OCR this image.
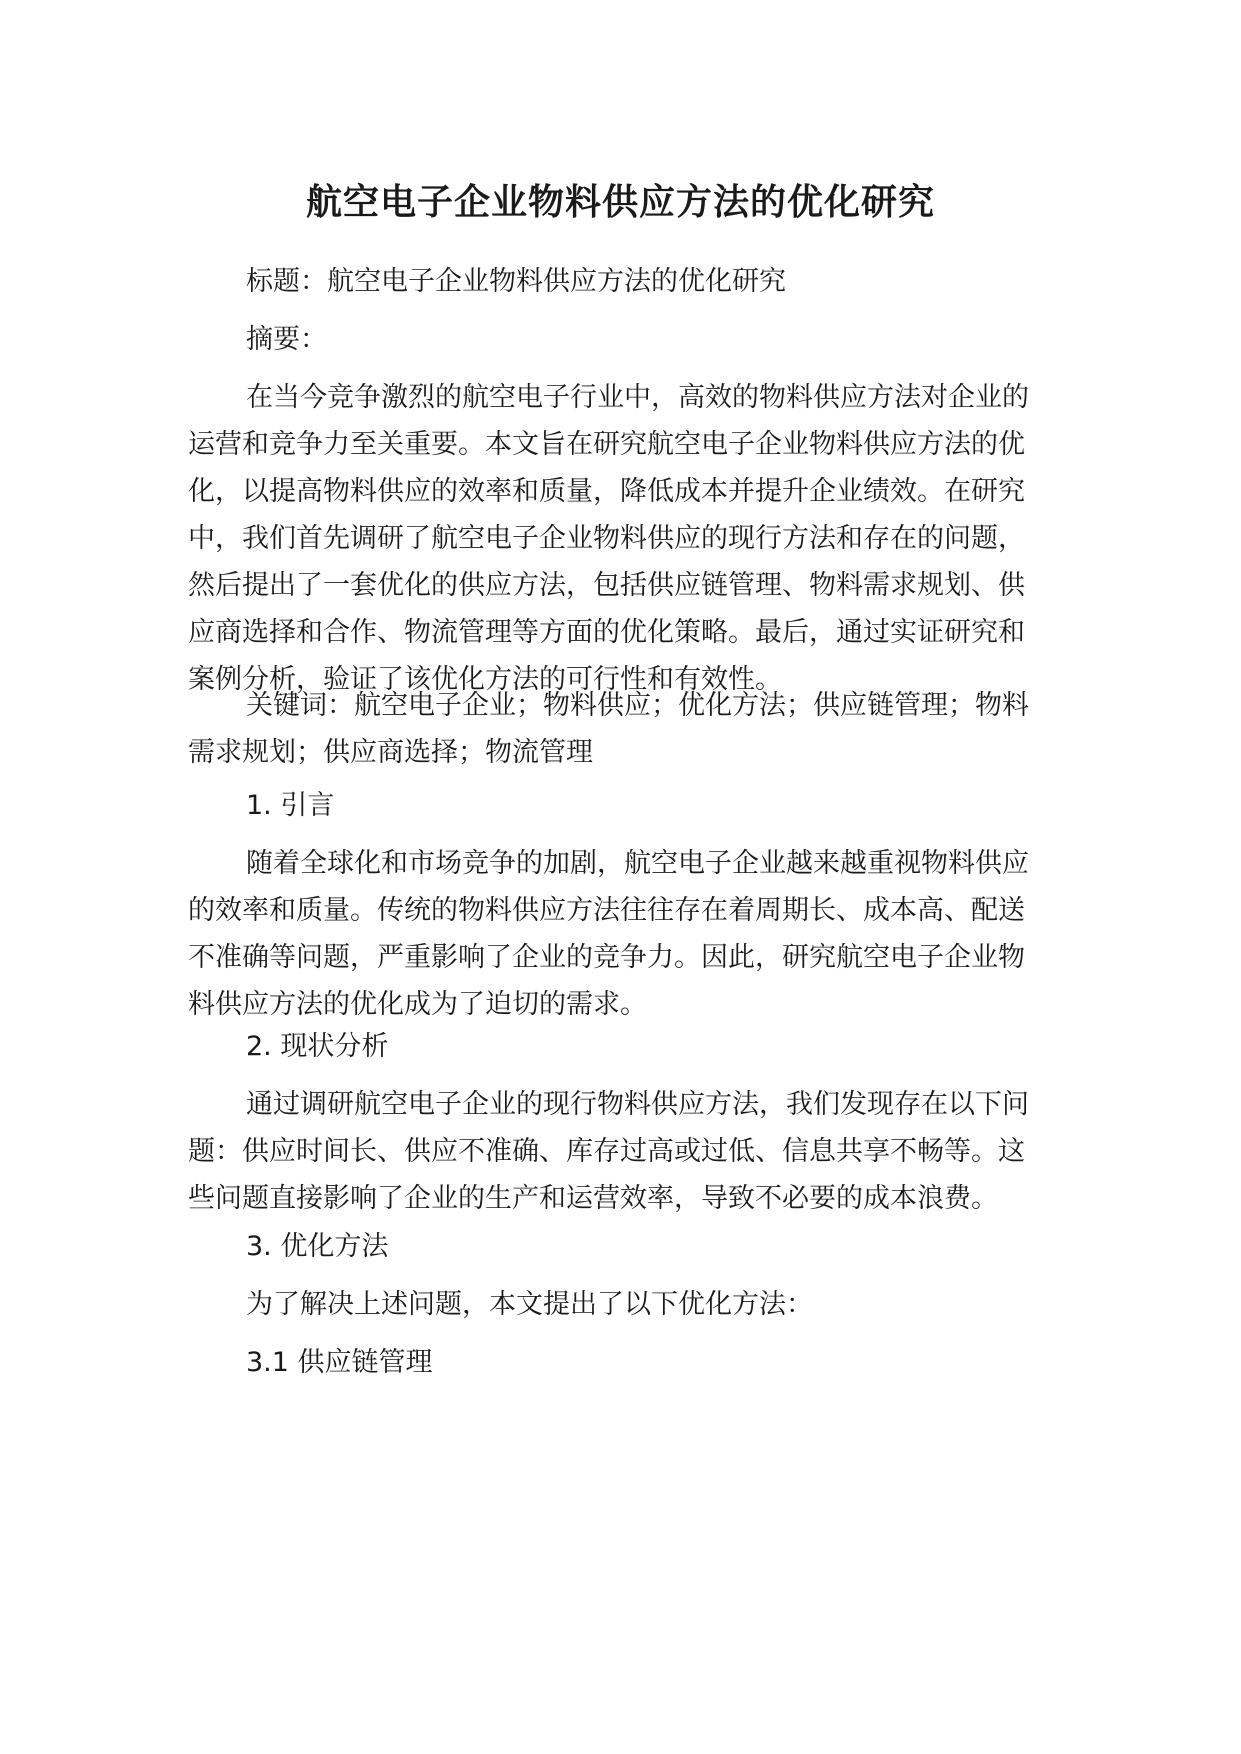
航空电子企业物料供应方法的优化研究

标题：航空电子企业物料供应方法的优化研究

摘要：

在当今竞争激烈的航空电子行业中，高效的物料供应方法对企业的
运营和竞争力至关重要。本文旨在研究航空电子企业物料供应方法的优
化，以提高物料供应的效率和质量，降低成本并提升企业绩效。在研究
中，我们首先调研了航空电子企业物料供应的现行方法和存在的问题，
然后提出了一套优化的供应方法，包括供应链管理、物料需求规划、供
应商选择和合作、物流管理等方面的优化策略。最后，通过实证研究和
案例分析，验证了该优化方法的可行性和有效性。
关键词：航空电子企业；物料供应；优化方法；供应链管理；物料
需求规划；供应商选择；物流管理

1. 引言

随着全球化和市场竞争的加剧，航空电子企业越来越重视物料供应
的效率和质量。传统的物料供应方法往往存在着周期长、成本高、配送
不准确等问题，严重影响了企业的竞争力。因此，研究航空电子企业物
料供应方法的优化成为了迫切的需求。

2. 现状分析

通过调研航空电子企业的现行物料供应方法，我们发现存在以下问
题：供应时间长、供应不准确、库存过高或过低、信息共享不畅等。这
些问题直接影响了企业的生产和运营效率，导致不必要的成本浪费。

3. 优化方法

为了解决上述问题，本文提出了以下优化方法：

3.1 供应链管理
